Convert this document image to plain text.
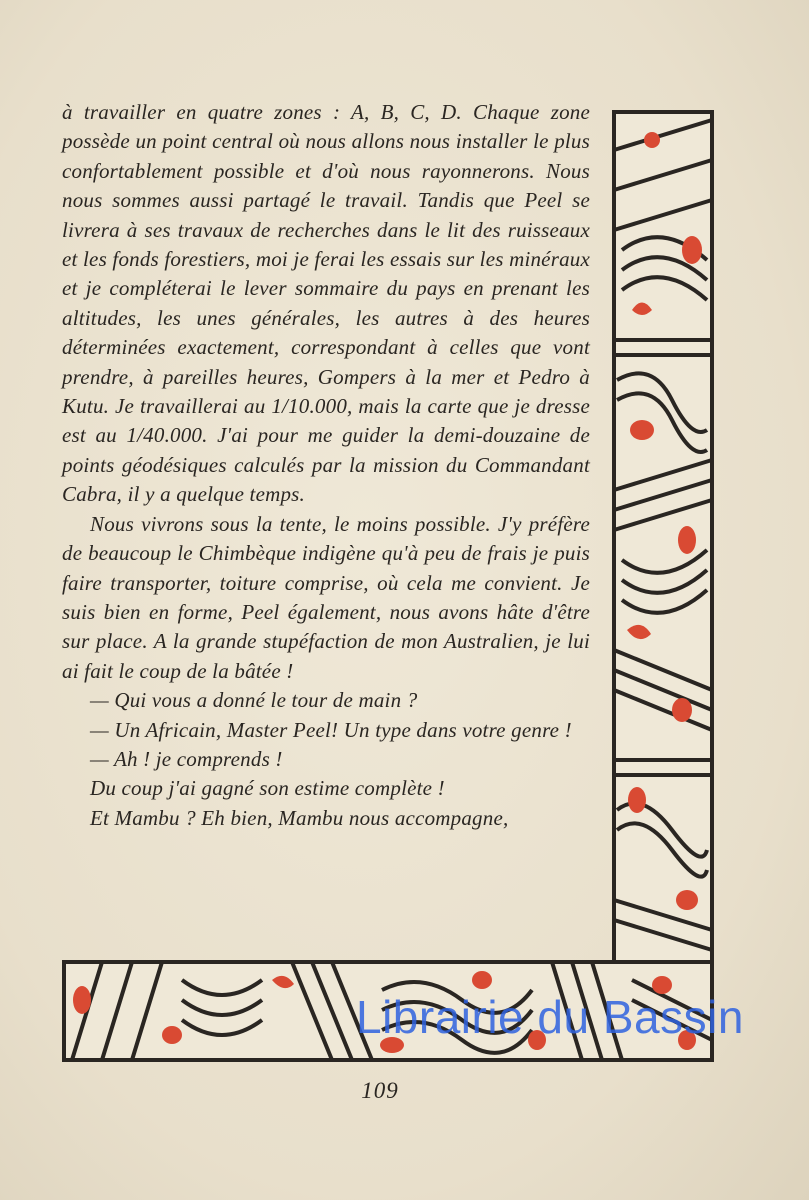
à travailler en quatre zones : A, B, C, D. Chaque zone possède un point central où nous allons nous installer le plus confortablement possible et d'où nous rayonnerons. Nous nous sommes aussi partagé le travail. Tandis que Peel se livrera à ses travaux de recherches dans le lit des ruisseaux et les fonds forestiers, moi je ferai les essais sur les minéraux et je compléterai le lever sommaire du pays en prenant les altitudes, les unes générales, les autres à des heures déterminées exactement, correspondant à celles que vont prendre, à pareilles heures, Gompers à la mer et Pedro à Kutu. Je travaillerai au 1/10.000, mais la carte que je dresse est au 1/40.000. J'ai pour me guider la demi-douzaine de points géodésiques calculés par la mission du Commandant Cabra, il y a quelque temps.

Nous vivrons sous la tente, le moins possible. J'y préfère de beaucoup le Chimbèque indigène qu'à peu de frais je puis faire transporter, toiture comprise, où cela me convient. Je suis bien en forme, Peel également, nous avons hâte d'être sur place. A la grande stupéfaction de mon Australien, je lui ai fait le coup de la bâtée !

— Qui vous a donné le tour de main ?

— Un Africain, Master Peel! Un type dans votre genre !

— Ah ! je comprends !

Du coup j'ai gagné son estime complète !

Et Mambu ? Eh bien, Mambu nous accompagne,

Librairie du Bassin
109
